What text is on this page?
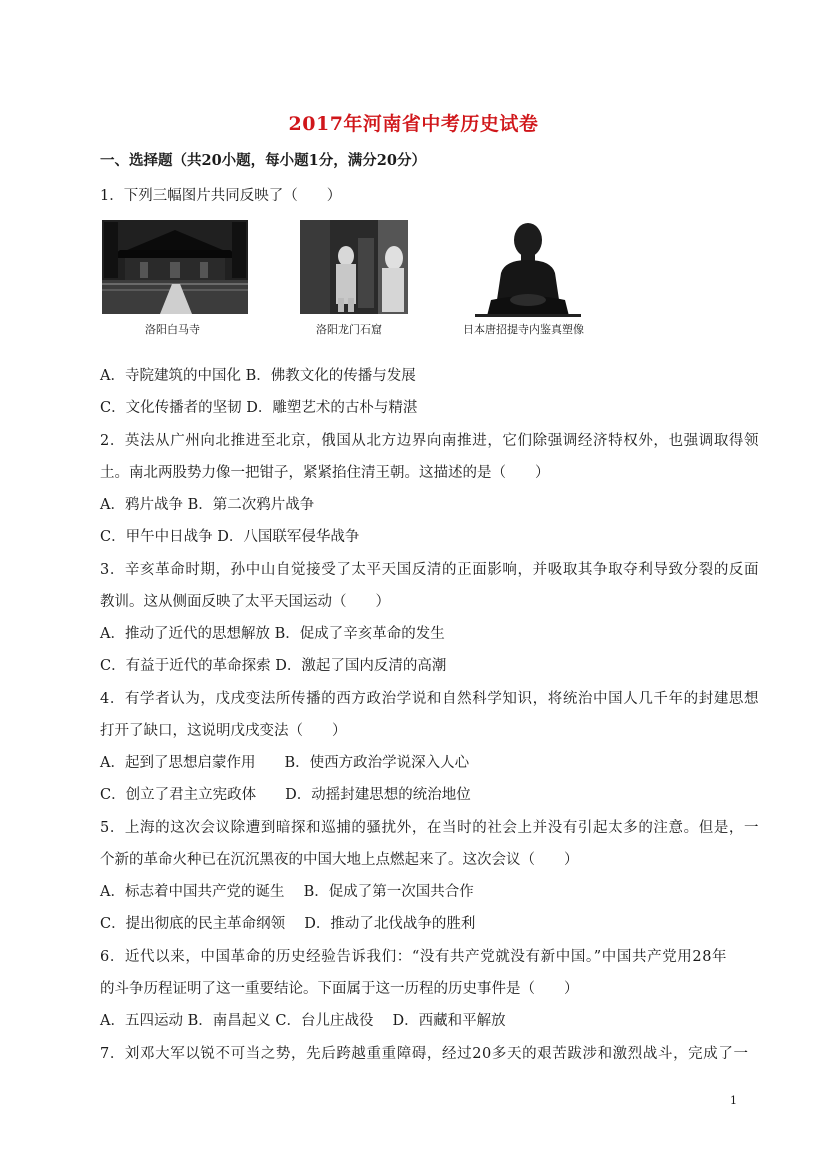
2017年河南省中考历史试卷
一、选择题（共20小题，每小题1分，满分20分）
1．下列三幅图片共同反映了（　　）
洛阳白马寺	洛阳龙门石窟	日本唐招提寺内鉴真塑像
A．寺院建筑的中国化 B．佛教文化的传播与发展
C．文化传播者的坚韧 D．雕塑艺术的古朴与精湛
2．英法从广州向北推进至北京，俄国从北方边界向南推进，它们除强调经济特权外，也强调取得领
土。南北两股势力像一把钳子，紧紧掐住清王朝。这描述的是（　　）
A．鸦片战争 B．第二次鸦片战争
C．甲午中日战争 D．八国联军侵华战争
3．辛亥革命时期，孙中山自觉接受了太平天国反清的正面影响，并吸取其争取夺利导致分裂的反面
教训。这从侧面反映了太平天国运动（　　）
A．推动了近代的思想解放 B．促成了辛亥革命的发生
C．有益于近代的革命探索 D．激起了国内反清的高潮
4．有学者认为，戊戌变法所传播的西方政治学说和自然科学知识，将统治中国人几千年的封建思想
打开了缺口，这说明戊戌变法（　　）
A．起到了思想启蒙作用　　B．使西方政治学说深入人心
C．创立了君主立宪政体　　D．动摇封建思想的统治地位
5．上海的这次会议除遭到暗探和巡捕的骚扰外，在当时的社会上并没有引起太多的注意。但是，一
个新的革命火种已在沉沉黑夜的中国大地上点燃起来了。这次会议（　　）
A．标志着中国共产党的诞生　 B．促成了第一次国共合作
C．提出彻底的民主革命纲领　 D．推动了北伐战争的胜利
6．近代以来，中国革命的历史经验告诉我们：“没有共产党就没有新中国。”中国共产党用28年
的斗争历程证明了这一重要结论。下面属于这一历程的历史事件是（　　）
A．五四运动 B．南昌起义 C．台儿庄战役　 D．西藏和平解放
7．刘邓大军以锐不可当之势，先后跨越重重障碍，经过20多天的艰苦跋涉和激烈战斗，完成了一
1
